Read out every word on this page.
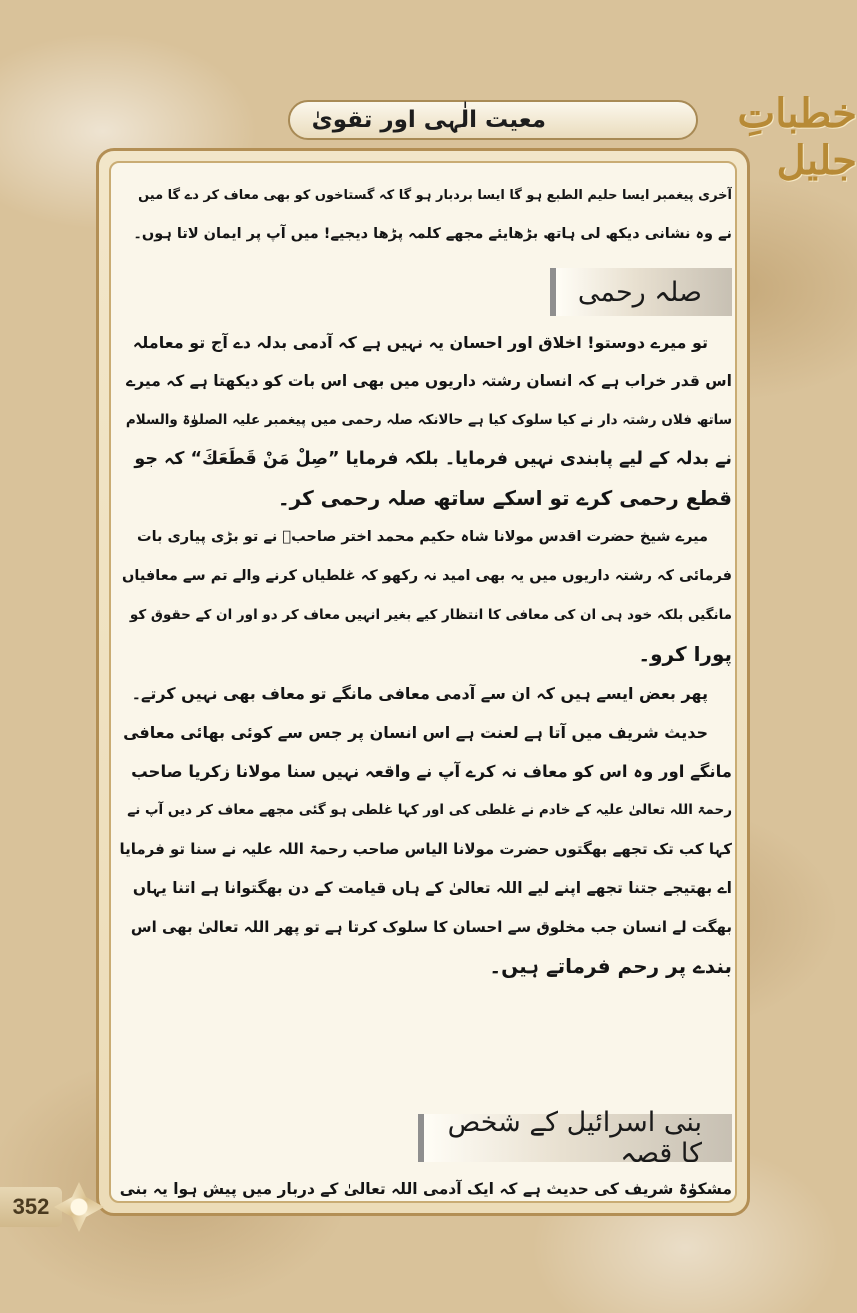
معیت الٰہی اور تقویٰ	خطباتِ جلیل
آخری پیغمبر ایسا حلیم الطبع ہو گا ایسا بردبار ہو گا کہ گستاخوں کو بھی معاف کر دے گا میں
نے وہ نشانی دیکھ لی ہاتھ بڑھایئے مجھے کلمہ پڑھا دیجیے! میں آپ پر ایمان لاتا ہوں۔
صلہ رحمی
تو میرے دوستو! اخلاق اور احسان یہ نہیں ہے کہ آدمی بدلہ دے آج تو معاملہ
اس قدر خراب ہے کہ انسان رشتہ داریوں میں بھی اس بات کو دیکھتا ہے کہ میرے
ساتھ فلاں رشتہ دار نے کیا سلوک کیا ہے حالانکہ صلہ رحمی میں پیغمبر علیہ الصلوٰۃ والسلام
نے بدلہ کے لیے پابندی نہیں فرمایا۔ بلکہ فرمایا ”صِلْ مَنْ قَطَعَكَ“ کہ جو
قطع رحمی کرے تو اسکے ساتھ صلہ رحمی کر۔
میرے شیخ حضرت اقدس مولانا شاہ حکیم محمد اختر صاحبؒ نے تو بڑی پیاری بات
فرمائی کہ رشتہ داریوں میں یہ بھی امید نہ رکھو کہ غلطیاں کرنے والے تم سے معافیاں
مانگیں بلکہ خود ہی ان کی معافی کا انتظار کیے بغیر انہیں معاف کر دو اور ان کے حقوق کو
پورا کرو۔
پھر بعض ایسے ہیں کہ ان سے آدمی معافی مانگے تو معاف بھی نہیں کرتے۔
حدیث شریف میں آتا ہے لعنت ہے اس انسان پر جس سے کوئی بھائی معافی
مانگے اور وہ اس کو معاف نہ کرے آپ نے واقعہ نہیں سنا مولانا زکریا صاحب
رحمۃ اللہ تعالیٰ علیہ کے خادم نے غلطی کی اور کہا غلطی ہو گئی مجھے معاف کر دیں آپ نے
کہا کب تک تجھے بھگتوں حضرت مولانا الیاس صاحب رحمۃ اللہ علیہ نے سنا تو فرمایا
اے بھتیجے جتنا تجھے اپنے لیے اللہ تعالیٰ کے ہاں قیامت کے دن بھگتوانا ہے اتنا یہاں
بھگت لے انسان جب مخلوق سے احسان کا سلوک کرتا ہے تو پھر اللہ تعالیٰ بھی اس
بندے پر رحم فرماتے ہیں۔
بنی اسرائیل کے شخص کا قصہ
مشکوٰۃ شریف کی حدیث ہے کہ ایک آدمی اللہ تعالیٰ کے دربار میں پیش ہوا یہ بنی
352
